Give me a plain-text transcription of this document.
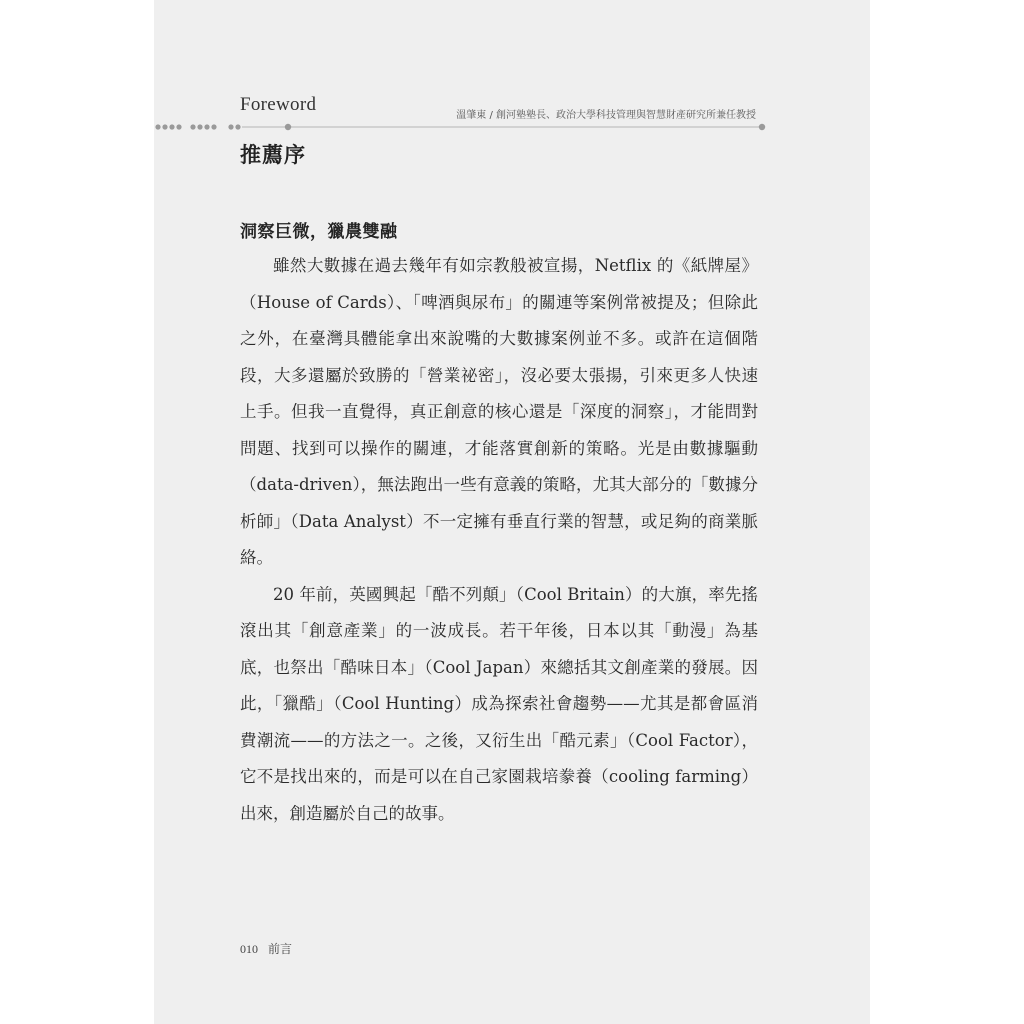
Foreword
溫肇東 / 創河塾塾長、政治大學科技管理與智慧財產研究所兼任教授
推薦序
洞察巨微，獵農雙融

雖然大數據在過去幾年有如宗教般被宣揚，Netflix 的《紙牌屋》（House of Cards）、「啤酒與尿布」的關連等案例常被提及；但除此之外，在臺灣具體能拿出來說嘴的大數據案例並不多。或許在這個階段，大多還屬於致勝的「營業祕密」，沒必要太張揚，引來更多人快速上手。但我一直覺得，真正創意的核心還是「深度的洞察」，才能問對問題、找到可以操作的關連，才能落實創新的策略。光是由數據驅動（data-driven），無法跑出一些有意義的策略，尤其大部分的「數據分析師」（Data Analyst）不一定擁有垂直行業的智慧，或足夠的商業脈絡。

20 年前，英國興起「酷不列顛」（Cool Britain）的大旗，率先搖滾出其「創意產業」的一波成長。若干年後，日本以其「動漫」為基底，也祭出「酷味日本」（Cool Japan）來總括其文創產業的發展。因此，「獵酷」（Cool Hunting）成為探索社會趨勢——尤其是都會區消費潮流——的方法之一。之後，又衍生出「酷元素」（Cool Factor），它不是找出來的，而是可以在自己家園栽培豢養（cooling farming）出來，創造屬於自己的故事。

010 前言
